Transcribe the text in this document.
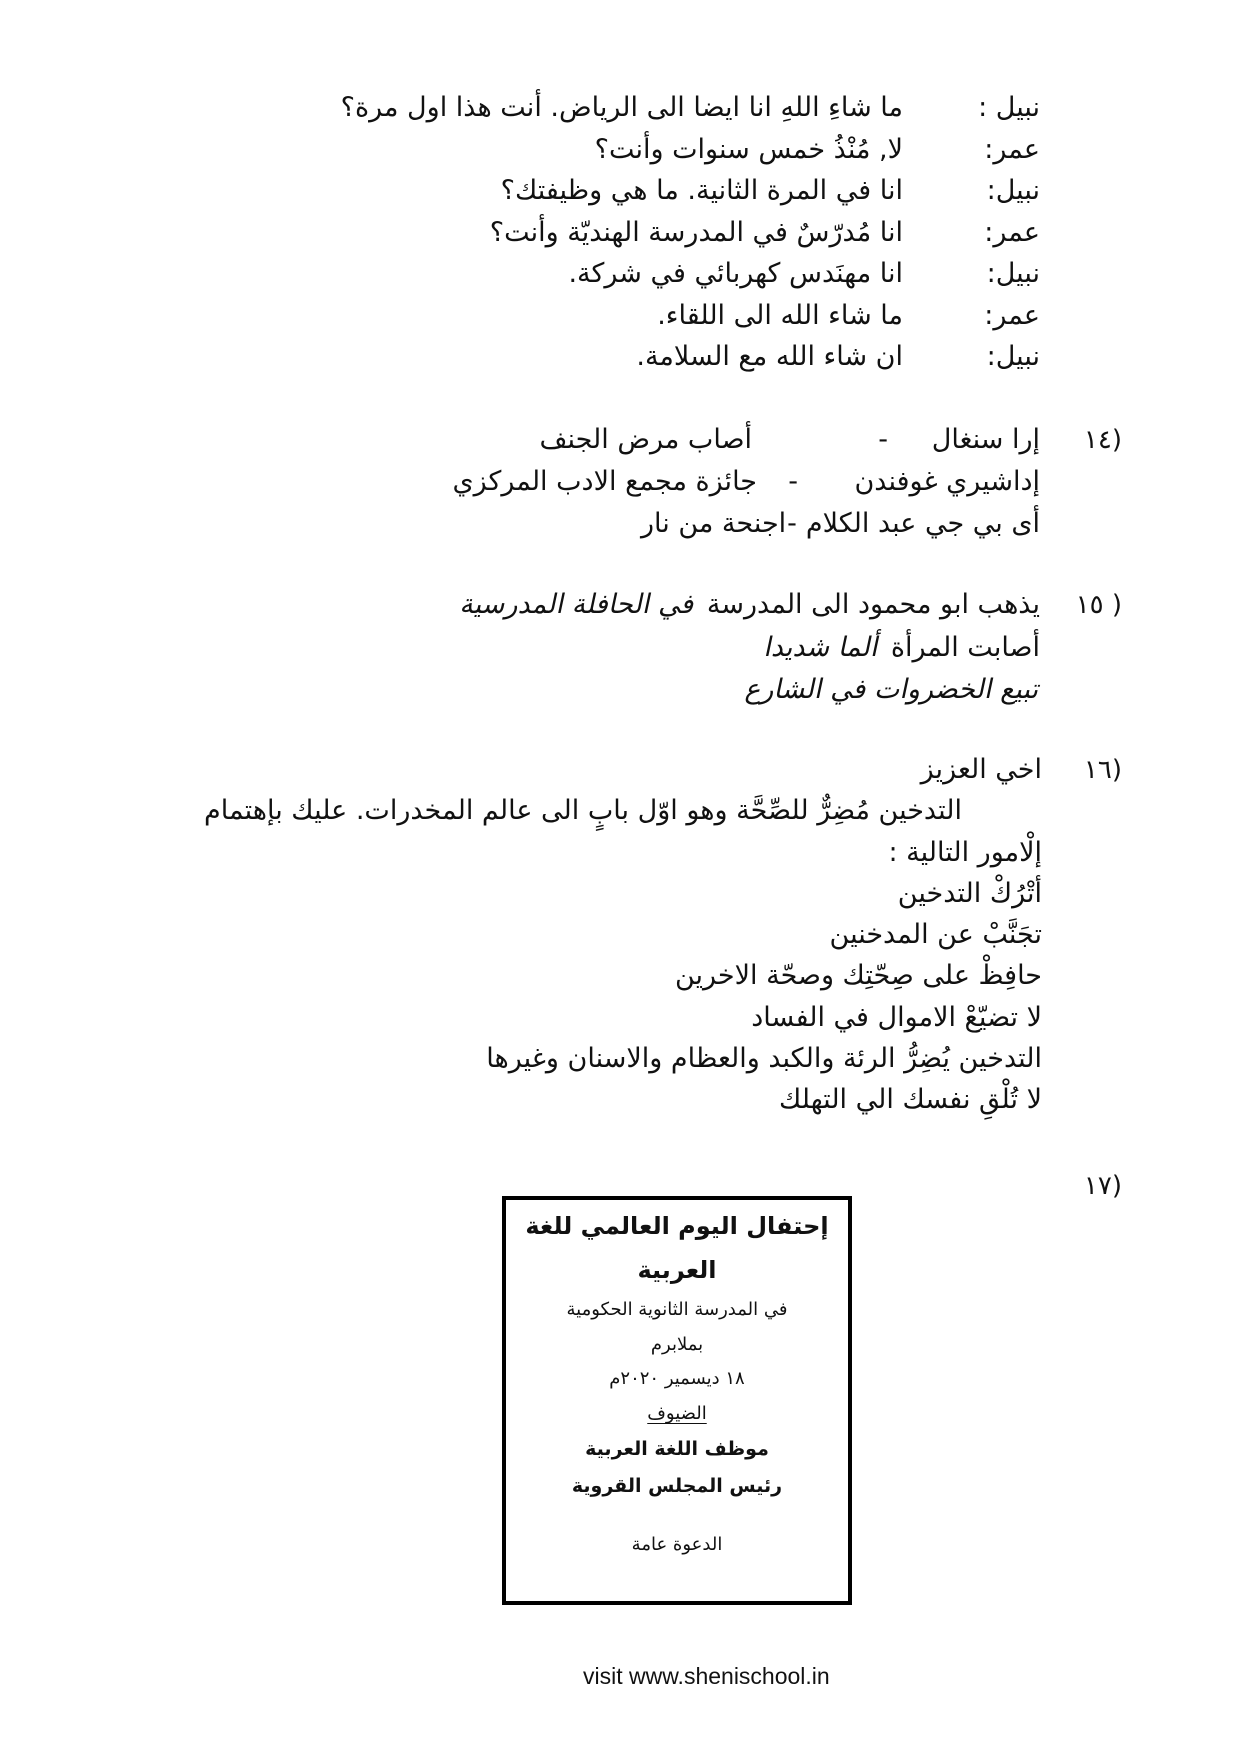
نبيل :
ما شاءِ اللهِ انا ايضا الى الرياض. أنت هذا اول مرة؟
عمر:
لا, مُنْذُ خمس سنوات وأنت؟
نبيل:
انا في المرة الثانية. ما هي وظيفتك؟
عمر:
انا مُدرّسٌ في المدرسة الهنديّة وأنت؟
نبيل:
انا مهنَدس كهربائي في شركة.
عمر:
ما شاء الله الى اللقاء.
نبيل:
ان شاء الله مع السلامة.
١٤)
إرا سنغال
-
أصاب مرض الجنف
إداشيري غوفندن
-
جائزة مجمع الادب المركزي
أى بي جي عبد الكلام
-
اجنحة من نار
١٥ )
يذهب ابو محمود الى المدرسةفي الحافلة المدرسية
أصابت المرأةألما شديدا
تبيع الخضروات في الشارع
١٦)
اخي العزيز
التدخين مُضِرٌّ للصِّحَّة وهو اوّل بابٍ الى عالم المخدرات. عليك بإهتمام
إلْامور التالية :
أتْرُكْ التدخين
تجَنَّبْ عن المدخنين
حافِظْ على صِحّتِك وصحّة الاخرين
لا تضيّعْ الاموال في الفساد
التدخين يُضِرُّ الرئة والكبد والعظام والاسنان وغيرها
لا تُلْقِ نفسك الي التهلك
١٧)
إحتفال اليوم العالمي للغة
العربية
في المدرسة الثانوية الحكومية
بملابرم
١٨ ديسمير ٢٠٢٠م
الضيوف
موظف اللغة العربية
رئيس المجلس القروية
الدعوة عامة
visit www.shenischool.in
